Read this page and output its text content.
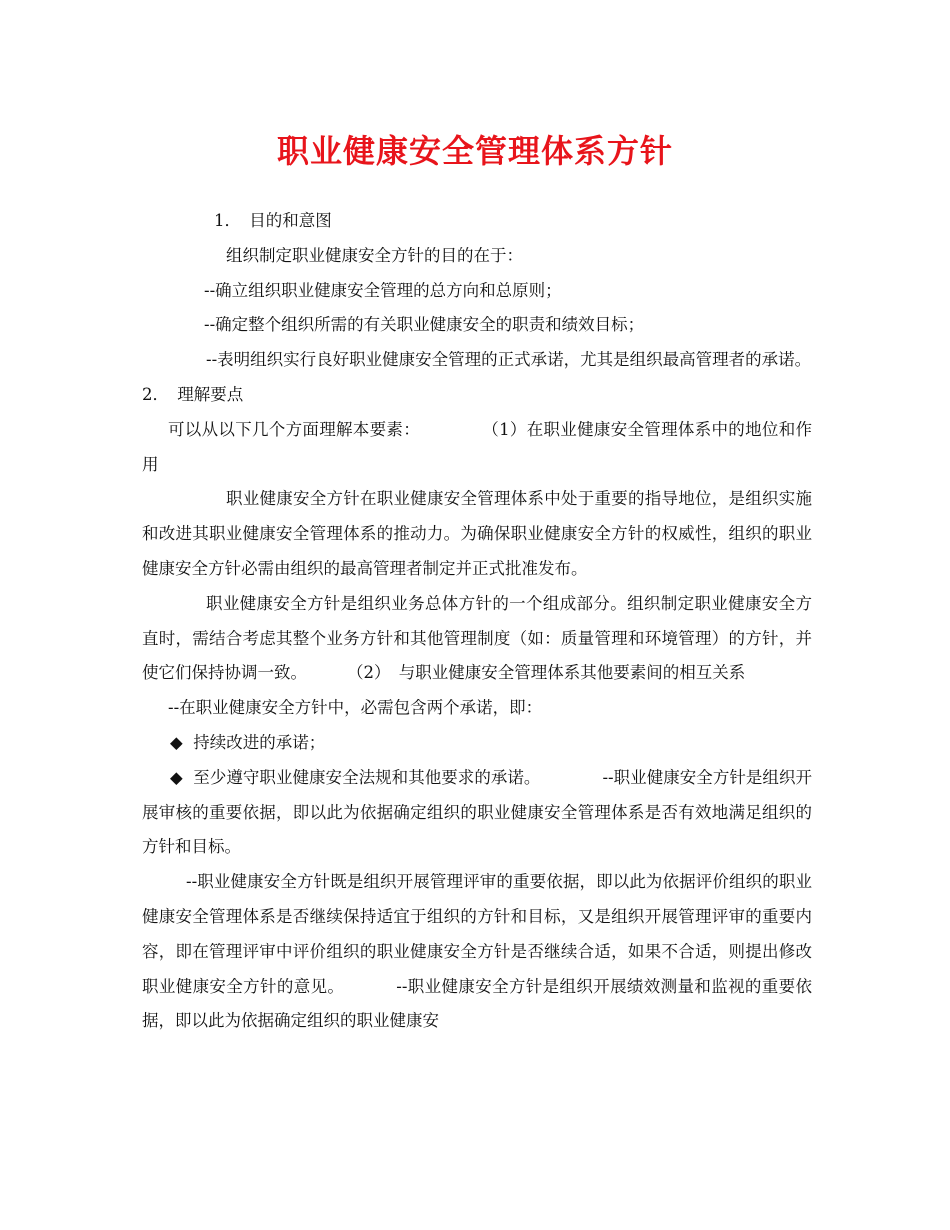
职业健康安全管理体系方针

1．　目的和意图

组织制定职业健康安全方针的目的在于：

--确立组织职业健康安全管理的总方向和总原则；

--确定整个组织所需的有关职业健康安全的职责和绩效目标；

--表明组织实行良好职业健康安全管理的正式承诺，尤其是组织最高管理者的承诺。

2．　理解要点

可以从以下几个方面理解本要素：	（1）在职业健康安全管理体系中的地位和作用

职业健康安全方针在职业健康安全管理体系中处于重要的指导地位，是组织实施和改进其职业健康安全管理体系的推动力。为确保职业健康安全方针的权威性，组织的职业健康安全方针必需由组织的最高管理者制定并正式批准发布。

职业健康安全方针是组织业务总体方针的一个组成部分。组织制定职业健康安全方直时，需结合考虑其整个业务方针和其他管理制度（如：质量管理和环境管理）的方针，并使它们保持协调一致。 （2）　与职业健康安全管理体系其他要素间的相互关系

--在职业健康安全方针中，必需包含两个承诺，即：

◆ 持续改进的承诺；

◆ 至少遵守职业健康安全法规和其他要求的承诺。	--职业健康安全方针是组织开展审核的重要依据，即以此为依据确定组织的职业健康安全管理体系是否有效地满足组织的方针和目标。

--职业健康安全方针既是组织开展管理评审的重要依据，即以此为依据评价组织的职业健康安全管理体系是否继续保持适宜于组织的方针和目标，又是组织开展管理评审的重要内容，即在管理评审中评价组织的职业健康安全方针是否继续合适，如果不合适，则提出修改职业健康安全方针的意见。	--职业健康安全方针是组织开展绩效测量和监视的重要依据，即以此为依据确定组织的职业健康安
